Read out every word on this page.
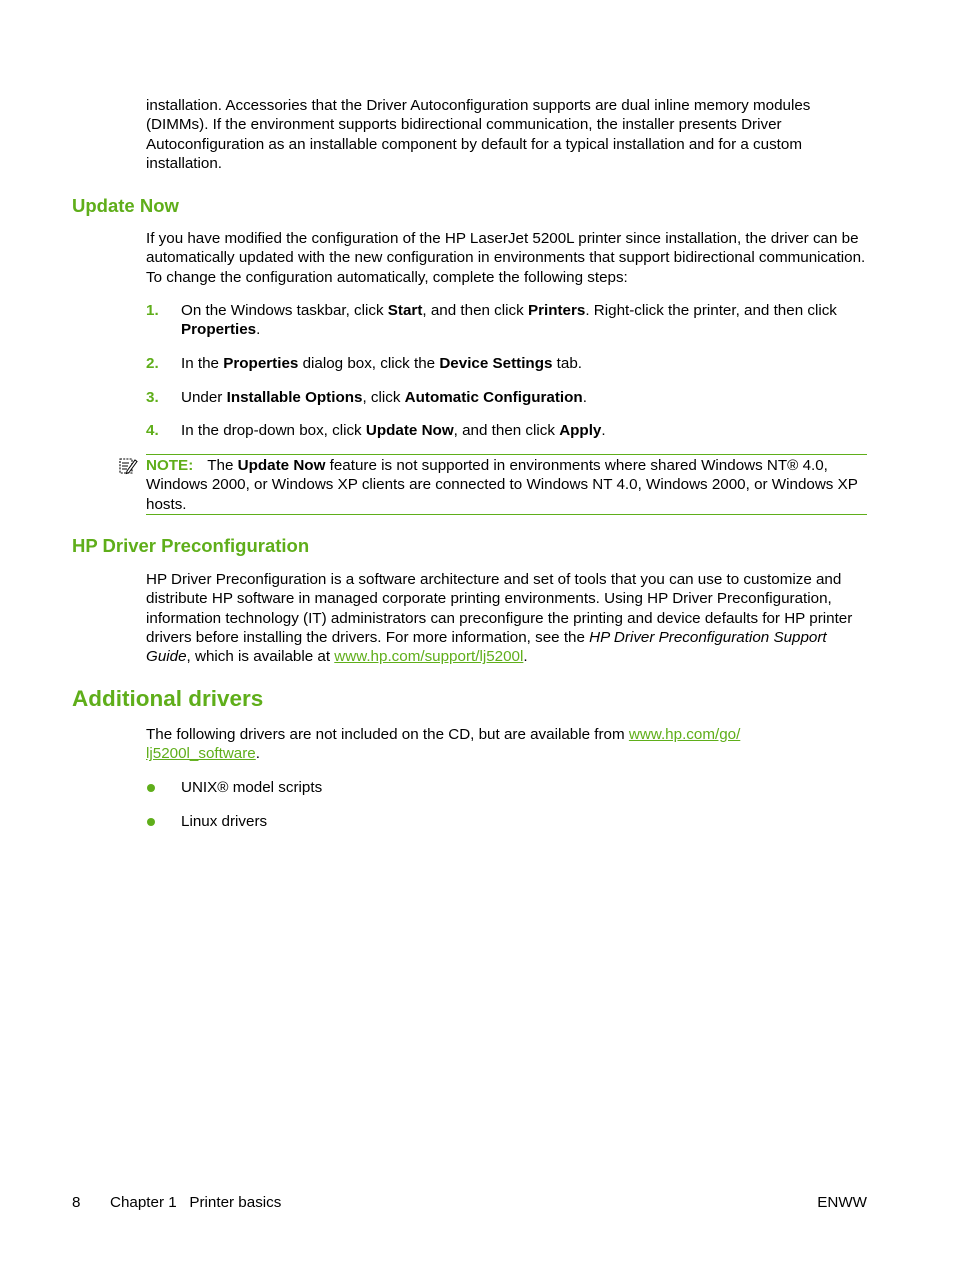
installation. Accessories that the Driver Autoconfiguration supports are dual inline memory modules (DIMMs). If the environment supports bidirectional communication, the installer presents Driver Autoconfiguration as an installable component by default for a typical installation and for a custom installation.

Update Now

If you have modified the configuration of the HP LaserJet 5200L printer since installation, the driver can be automatically updated with the new configuration in environments that support bidirectional communication. To change the configuration automatically, complete the following steps:

1. On the Windows taskbar, click Start, and then click Printers. Right-click the printer, and then click
Properties.
2. In the Properties dialog box, click the Device Settings tab.
3. Under Installable Options, click Automatic Configuration.
4. In the drop-down box, click Update Now, and then click Apply.
NOTE: The Update Now feature is not supported in environments where shared Windows NT® 4.0, Windows 2000, or Windows XP clients are connected to Windows NT 4.0, Windows 2000, or Windows XP hosts.
HP Driver Preconfiguration

HP Driver Preconfiguration is a software architecture and set of tools that you can use to customize and distribute HP software in managed corporate printing environments. Using HP Driver Preconfiguration, information technology (IT) administrators can preconfigure the printing and device defaults for HP printer drivers before installing the drivers. For more information, see the HP Driver Preconfiguration Support Guide, which is available at www.hp.com/support/lj5200l.

Additional drivers

The following drivers are not included on the CD, but are available from www.hp.com/go/
lj5200l_software.

UNIX® model scripts
Linux drivers
8 Chapter 1   Printer basics	ENWW
